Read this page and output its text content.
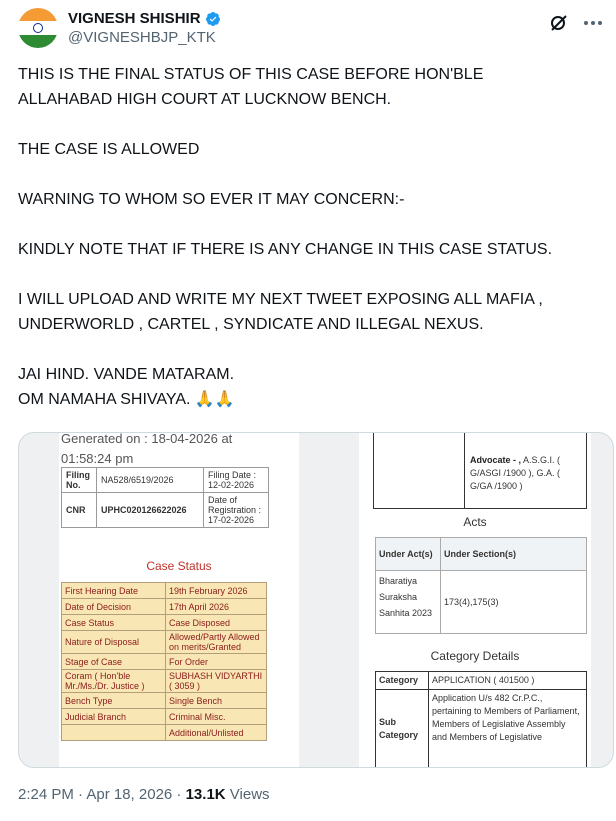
VIGNESH SHISHIR
@VIGNESHBJP_KTK

THIS IS THE FINAL STATUS OF THIS CASE BEFORE HON'BLE
ALLAHABAD HIGH COURT AT LUCKNOW BENCH.

THE CASE IS ALLOWED

WARNING TO WHOM SO EVER IT MAY CONCERN:-

KINDLY NOTE THAT IF THERE IS ANY CHANGE IN THIS CASE STATUS.

I WILL UPLOAD AND WRITE MY NEXT TWEET EXPOSING ALL MAFIA ,
UNDERWORLD , CARTEL , SYNDICATE AND ILLEGAL NEXUS.

JAI HIND. VANDE MATARAM.
OM NAMAHA SHIVAYA. 🙏🙏

Generated on : 18-04-2026 at
01:58:24 pm
Filing No.	NA528/6519/2026	Filing Date : 12-02-2026
CNR	UPHC020126622026	Date of Registration : 17-02-2026
Case Status
First Hearing Date	19th February 2026
Date of Decision	17th April 2026
Case Status	Case Disposed
Nature of Disposal	Allowed/Partly Allowed on merits/Granted
Stage of Case	For Order
Coram ( Hon'ble Mr./Ms./Dr. Justice )	SUBHASH VIDYARTHI ( 3059 )
Bench Type	Single Bench
Judicial Branch	Criminal Misc.
	Additional/Unlisted
Advocate - , A.S.G.I. ( G/ASGI /1900 ), G.A. ( G/GA /1900 )
Acts
Under Act(s)	Under Section(s)
Bharatiya Suraksha Sanhita 2023	173(4),175(3)
Category Details
Category	APPLICATION ( 401500 )
Sub Category	Application U/s 482 Cr.P.C., pertaining to Members of Parliament, Members of Legislative Assembly and Members of Legislative
2:24 PM · Apr 18, 2026 · 13.1K Views
